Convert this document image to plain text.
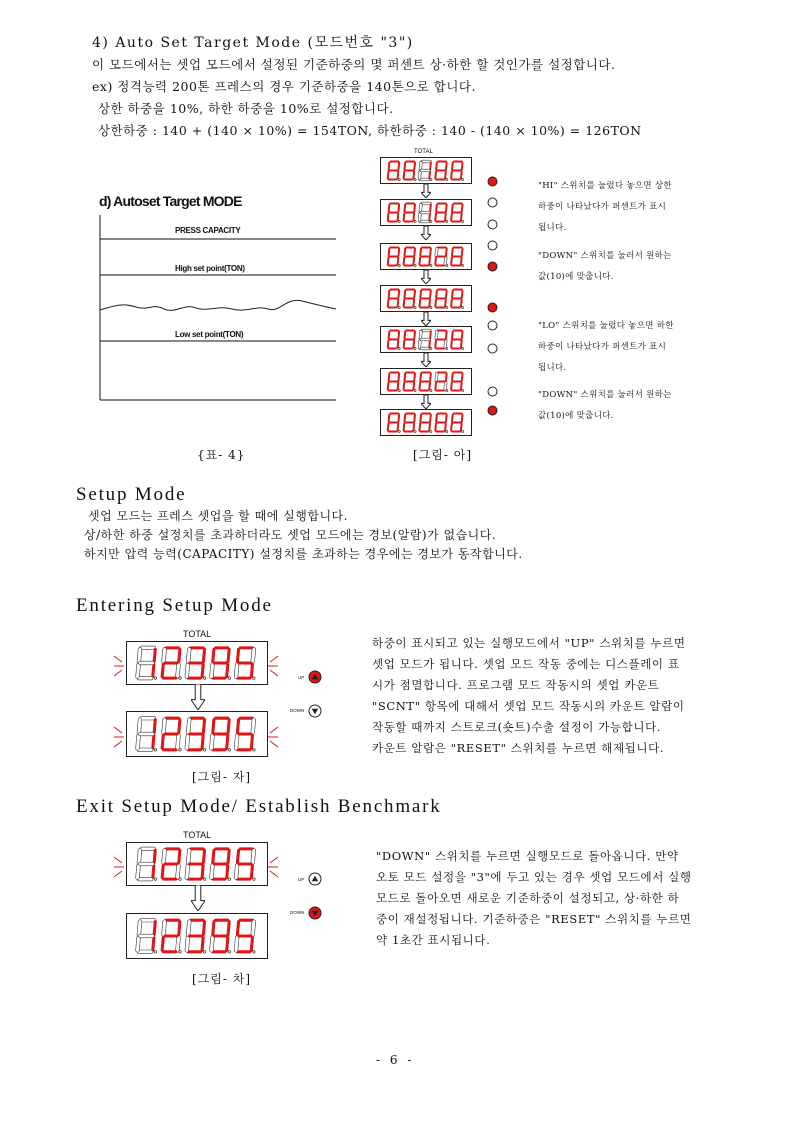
4) Auto Set Target Mode (모드번호 "3")
이 모드에서는 셋업 모드에서 설정된 기준하중의 몇 퍼센트 상·하한 할 것인가를 설정합니다.
ex) 정격능력 200톤 프레스의 경우 기준하중을 140톤으로 합니다.
상한 하중을 10%, 하한 하중을 10%로 설정합니다.
상한하중 : 140 + (140 × 10%) = 154TON, 하한하중 : 140 - (140 × 10%) = 126TON
d) Autoset Target MODE
PRESS CAPACITY
High set point(TON)
Low set point(TON)
{표- 4}
TOTAL
"HI" 스위치를 눌렀다 놓으면 상한
하중이 나타났다가 퍼센트가 표시
됩니다.
"DOWN" 스위치를 눌러서 원하는
값(10)에 맞춥니다.
"LO" 스위치를 눌렀다 놓으면 하한
하중이 나타났다가 퍼센트가 표시
됩니다.
"DOWN" 스위치를 눌러서 원하는
값(10)에 맞춥니다.
[그림- 아]
Setup Mode
셋업 모드는 프레스 셋업을 할 때에 실행합니다.
상/하한 하중 설정치를 초과하더라도 셋업 모드에는 경보(알람)가 없습니다.
하지만 압력 능력(CAPACITY) 설정치를 초과하는 경우에는 경보가 동작합니다.
Entering Setup Mode
TOTAL
UP
DOWN
하중이 표시되고 있는 실행모드에서 "UP" 스위치를 누르면
셋업 모드가 됩니다. 셋업 모드 작동 중에는 디스플레이 표
시가 점멸합니다. 프로그램 모드 작동시의 셋업 카운트
"SCNT" 항목에 대해서 셋업 모드 작동시의 카운트 알람이
작동할 때까지 스트로크(숏트)수출 설정이 가능합니다.
카운트 알람은 "RESET" 스위치를 누르면 해제됩니다.
[그림- 자]
Exit Setup Mode/ Establish Benchmark
TOTAL
UP
DOWN
"DOWN" 스위치를 누르면 실행모드로 돌아옵니다. 만약
오토 모드 설정을 "3"에 두고 있는 경우 셋업 모드에서 실행
모드로 돌아오면 새로운 기준하중이 설정되고, 상·하한 하
중이 재설정됩니다. 기준하중은 "RESET" 스위치를 누르면
약 1초간 표시됩니다.
[그림- 차]
- 6 -
